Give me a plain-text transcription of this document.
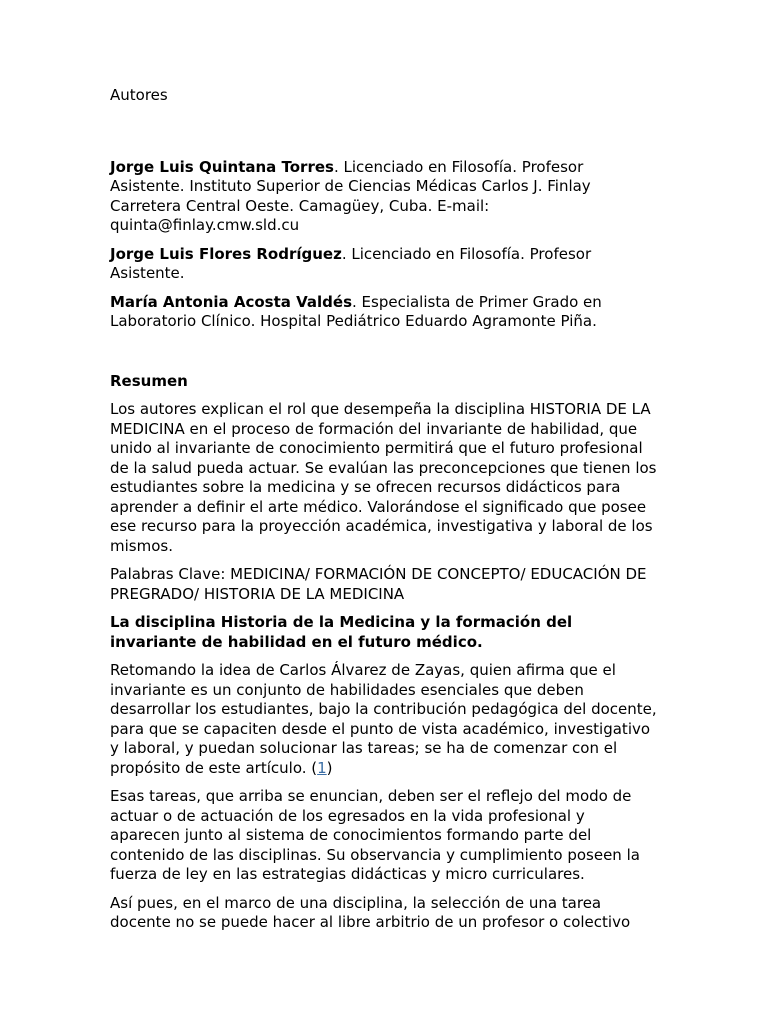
Autores

Jorge Luis Quintana Torres. Licenciado en Filosofía. Profesor Asistente. Instituto Superior de Ciencias Médicas Carlos J. Finlay Carretera Central Oeste. Camagüey, Cuba. E-mail: quinta@finlay.cmw.sld.cu

Jorge Luis Flores Rodríguez. Licenciado en Filosofía. Profesor Asistente.

María Antonia Acosta Valdés. Especialista de Primer Grado en Laboratorio Clínico. Hospital Pediátrico Eduardo Agramonte Piña.

Resumen

Los autores explican el rol que desempeña la disciplina HISTORIA DE LA MEDICINA en el proceso de formación del invariante de habilidad, que unido al invariante de conocimiento permitirá que el futuro profesional de la salud pueda actuar. Se evalúan las preconcepciones que tienen los estudiantes sobre la medicina y se ofrecen recursos didácticos para aprender a definir el arte médico. Valorándose el significado que posee ese recurso para la proyección académica, investigativa y laboral de los mismos.

Palabras Clave: MEDICINA/ FORMACIÓN DE CONCEPTO/ EDUCACIÓN DE PREGRADO/ HISTORIA DE LA MEDICINA

La disciplina Historia de la Medicina y la formación del invariante de habilidad en el futuro médico.

Retomando la idea de Carlos Álvarez de Zayas, quien afirma que el invariante es un conjunto de habilidades esenciales que deben desarrollar los estudiantes, bajo la contribución pedagógica del docente, para que se capaciten desde el punto de vista académico, investigativo y laboral, y puedan solucionar las tareas; se ha de comenzar con el propósito de este artículo. (1)

Esas tareas, que arriba se enuncian, deben ser el reflejo del modo de actuar o de actuación de los egresados en la vida profesional y aparecen junto al sistema de conocimientos formando parte del contenido de las disciplinas. Su observancia y cumplimiento poseen la fuerza de ley en las estrategias didácticas y micro curriculares.

Así pues, en el marco de una disciplina, la selección de una tarea docente no se puede hacer al libre arbitrio de un profesor o colectivo
